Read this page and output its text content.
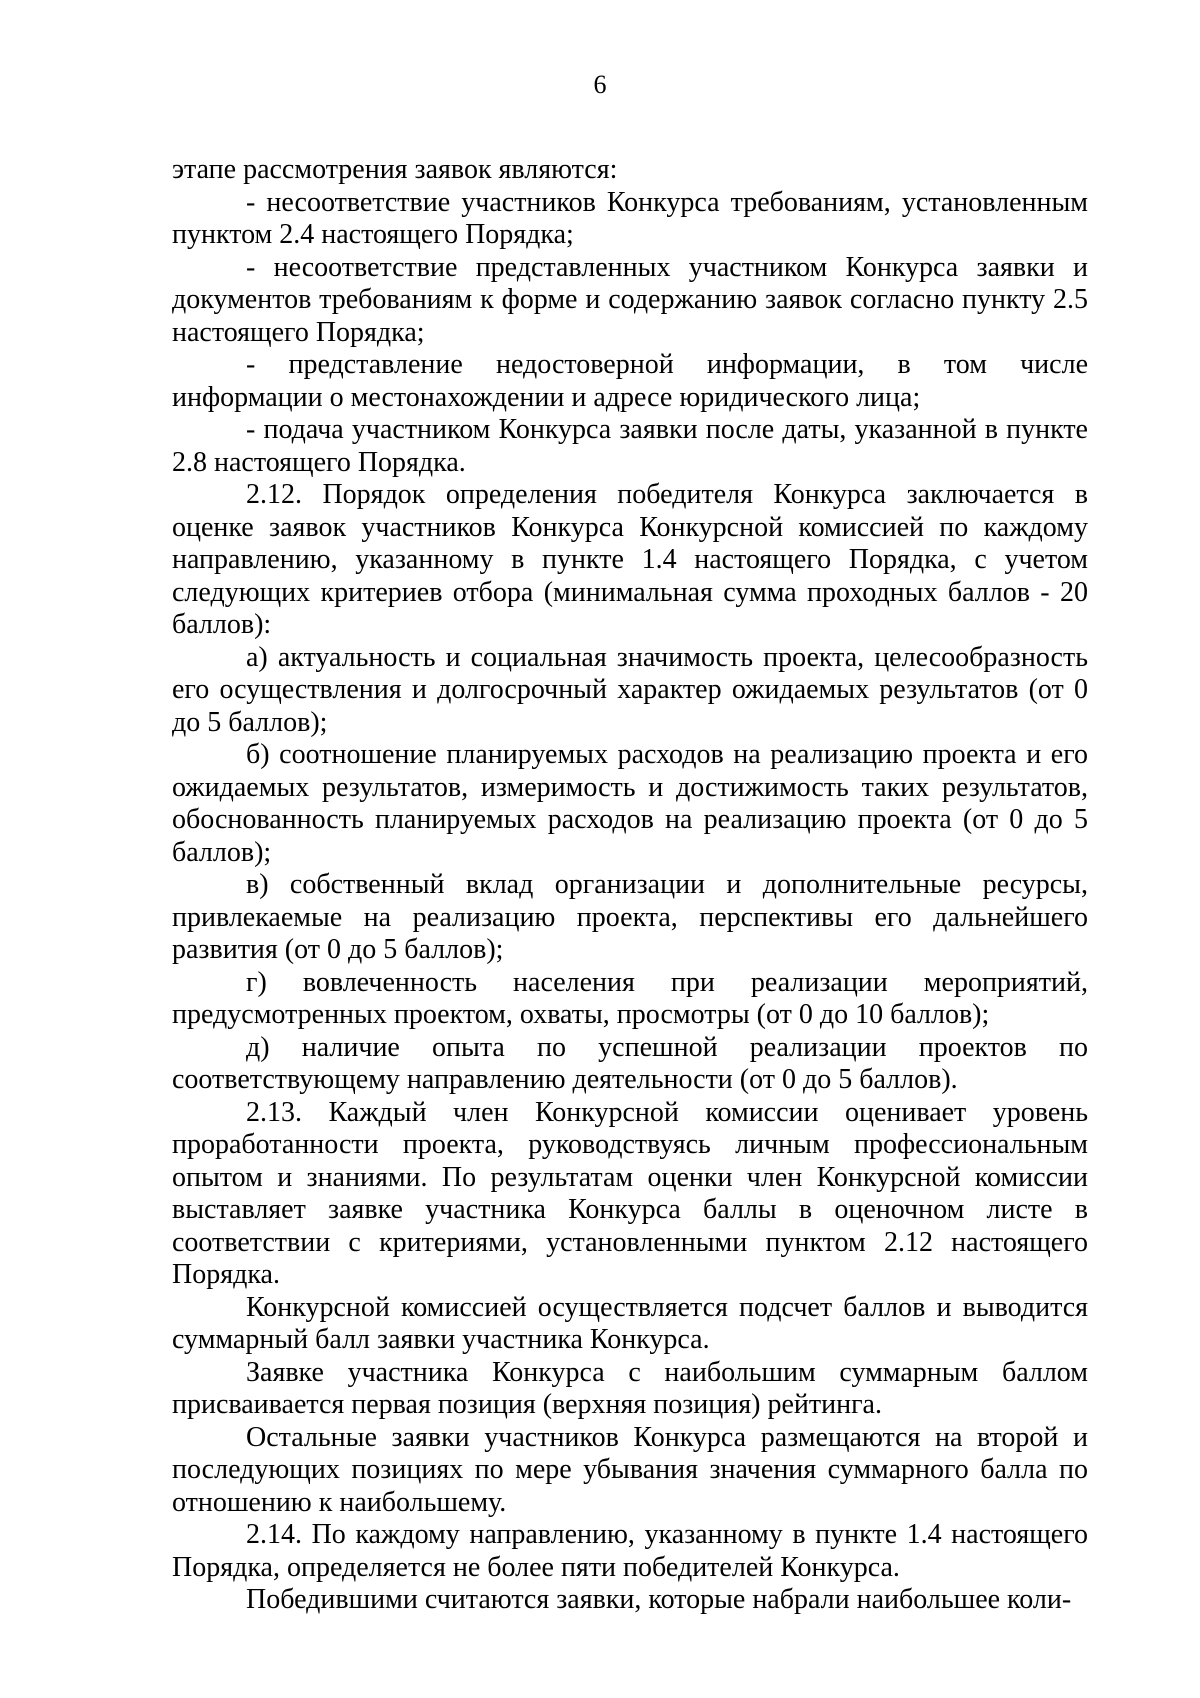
6

этапе рассмотрения заявок являются:

- несоответствие участников Конкурса требованиям, установленным пунктом 2.4 настоящего Порядка;

- несоответствие представленных участником Конкурса заявки и документов требованиям к форме и содержанию заявок согласно пункту 2.5 настоящего Порядка;

- представление недостоверной информации, в том числе информации о местонахождении и адресе юридического лица;

- подача участником Конкурса заявки после даты, указанной в пункте 2.8 настоящего Порядка.

2.12. Порядок определения победителя Конкурса заключается в оценке заявок участников Конкурса Конкурсной комиссией по каждому направлению, указанному в пункте 1.4 настоящего Порядка, с учетом следующих критериев отбора (минимальная сумма проходных баллов - 20 баллов):

а) актуальность и социальная значимость проекта, целесообразность его осуществления и долгосрочный характер ожидаемых результатов (от 0 до 5 баллов);

б) соотношение планируемых расходов на реализацию проекта и его ожидаемых результатов, измеримость и достижимость таких результатов, обоснованность планируемых расходов на реализацию проекта (от 0 до 5 баллов);

в) собственный вклад организации и дополнительные ресурсы, привлекаемые на реализацию проекта, перспективы его дальнейшего развития (от 0 до 5 баллов);

г) вовлеченность населения при реализации мероприятий, предусмотренных проектом, охваты, просмотры (от 0 до 10 баллов);

д) наличие опыта по успешной реализации проектов по соответствующему направлению деятельности (от 0 до 5 баллов).

2.13. Каждый член Конкурсной комиссии оценивает уровень проработанности проекта, руководствуясь личным профессиональным опытом и знаниями. По результатам оценки член Конкурсной комиссии выставляет заявке участника Конкурса баллы в оценочном листе в соответствии с критериями, установленными пунктом 2.12 настоящего Порядка.

Конкурсной комиссией осуществляется подсчет баллов и выводится суммарный балл заявки участника Конкурса.

Заявке участника Конкурса с наибольшим суммарным баллом присваивается первая позиция (верхняя позиция) рейтинга.

Остальные заявки участников Конкурса размещаются на второй и последующих позициях по мере убывания значения суммарного балла по отношению к наибольшему.

2.14. По каждому направлению, указанному в пункте 1.4 настоящего Порядка, определяется не более пяти победителей Конкурса.

Победившими считаются заявки, которые набрали наибольшее коли-
